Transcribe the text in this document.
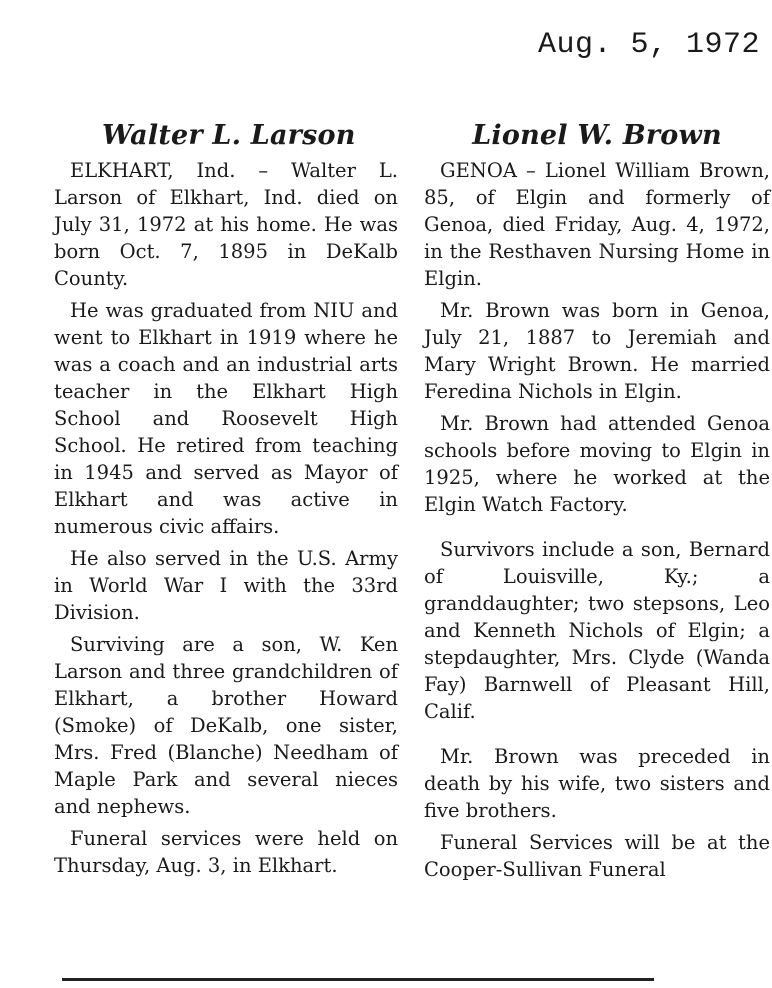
Aug. 5, 1972
Walter L. Larson

ELKHART, Ind. – Walter L. Larson of Elkhart, Ind. died on July 31, 1972 at his home. He was born Oct. 7, 1895 in DeKalb County.

He was graduated from NIU and went to Elkhart in 1919 where he was a coach and an industrial arts teacher in the Elkhart High School and Roosevelt High School. He retired from teaching in 1945 and served as Mayor of Elkhart and was active in numerous civic affairs.

He also served in the U.S. Army in World War I with the 33rd Division.

Surviving are a son, W. Ken Larson and three grandchildren of Elkhart, a brother Howard (Smoke) of DeKalb, one sister, Mrs. Fred (Blanche) Needham of Maple Park and several nieces and nephews.

Funeral services were held on Thursday, Aug. 3, in Elkhart.

Lionel W. Brown

GENOA – Lionel William Brown, 85, of Elgin and formerly of Genoa, died Friday, Aug. 4, 1972, in the Resthaven Nursing Home in Elgin.

Mr. Brown was born in Genoa, July 21, 1887 to Jeremiah and Mary Wright Brown. He married Feredina Nichols in Elgin.

Mr. Brown had attended Genoa schools before moving to Elgin in 1925, where he worked at the Elgin Watch Factory.

Survivors include a son, Bernard of Louisville, Ky.; a granddaughter; two stepsons, Leo and Kenneth Nichols of Elgin; a stepdaughter, Mrs. Clyde (Wanda Fay) Barnwell of Pleasant Hill, Calif.

Mr. Brown was preceded in death by his wife, two sisters and five brothers.

Funeral Services will be at the Cooper-Sullivan Funeral
